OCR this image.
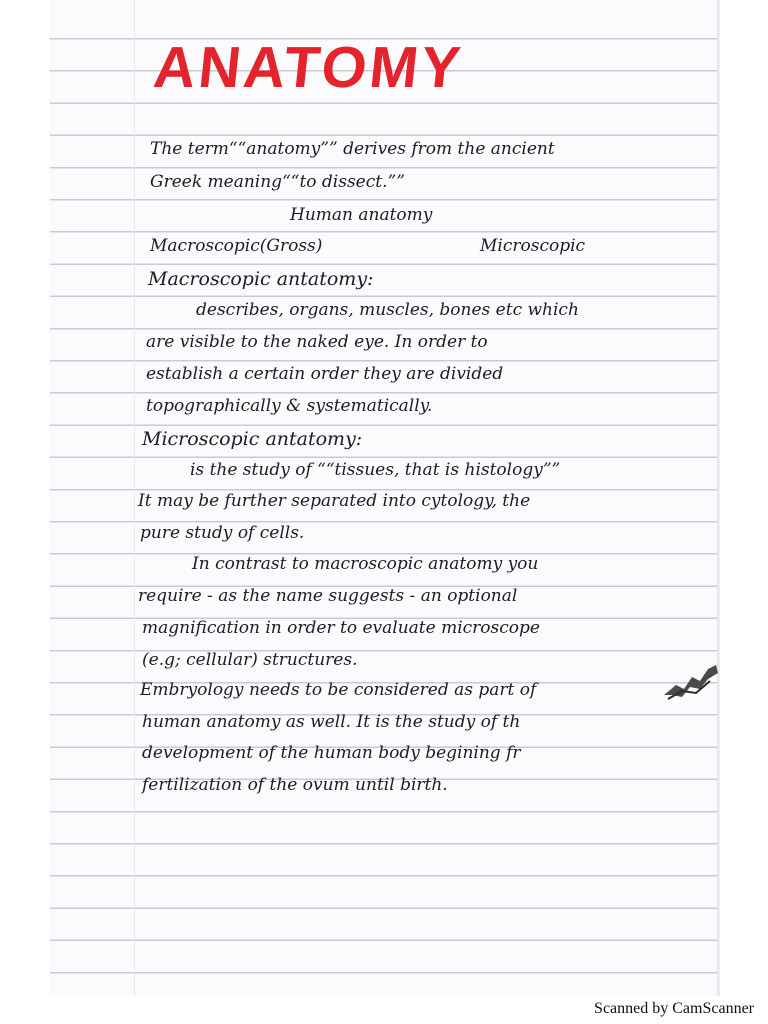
ANATOMY
The term““anatomy”” derives from the ancient
Greek meaning““to dissect.””
Human anatomy
Macroscopic(Gross)	Microscopic
Macroscopic antatomy:
describes, organs, muscles, bones etc which
are visible to the naked eye. In order to
establish a certain order they are divided
topographically & systematically.
Microscopic antatomy:
is the study of ““tissues, that is histology””
It may be further separated into cytology, the
pure study of cells.
In contrast to macroscopic anatomy you
require - as the name suggests - an optional
magnification in order to evaluate microscope
(e.g; cellular) structures.
Embryology needs to be considered as part of
human anatomy as well. It is the study of th
development of the human body begining fr
fertilization of the ovum until birth.
Scanned by CamScanner
